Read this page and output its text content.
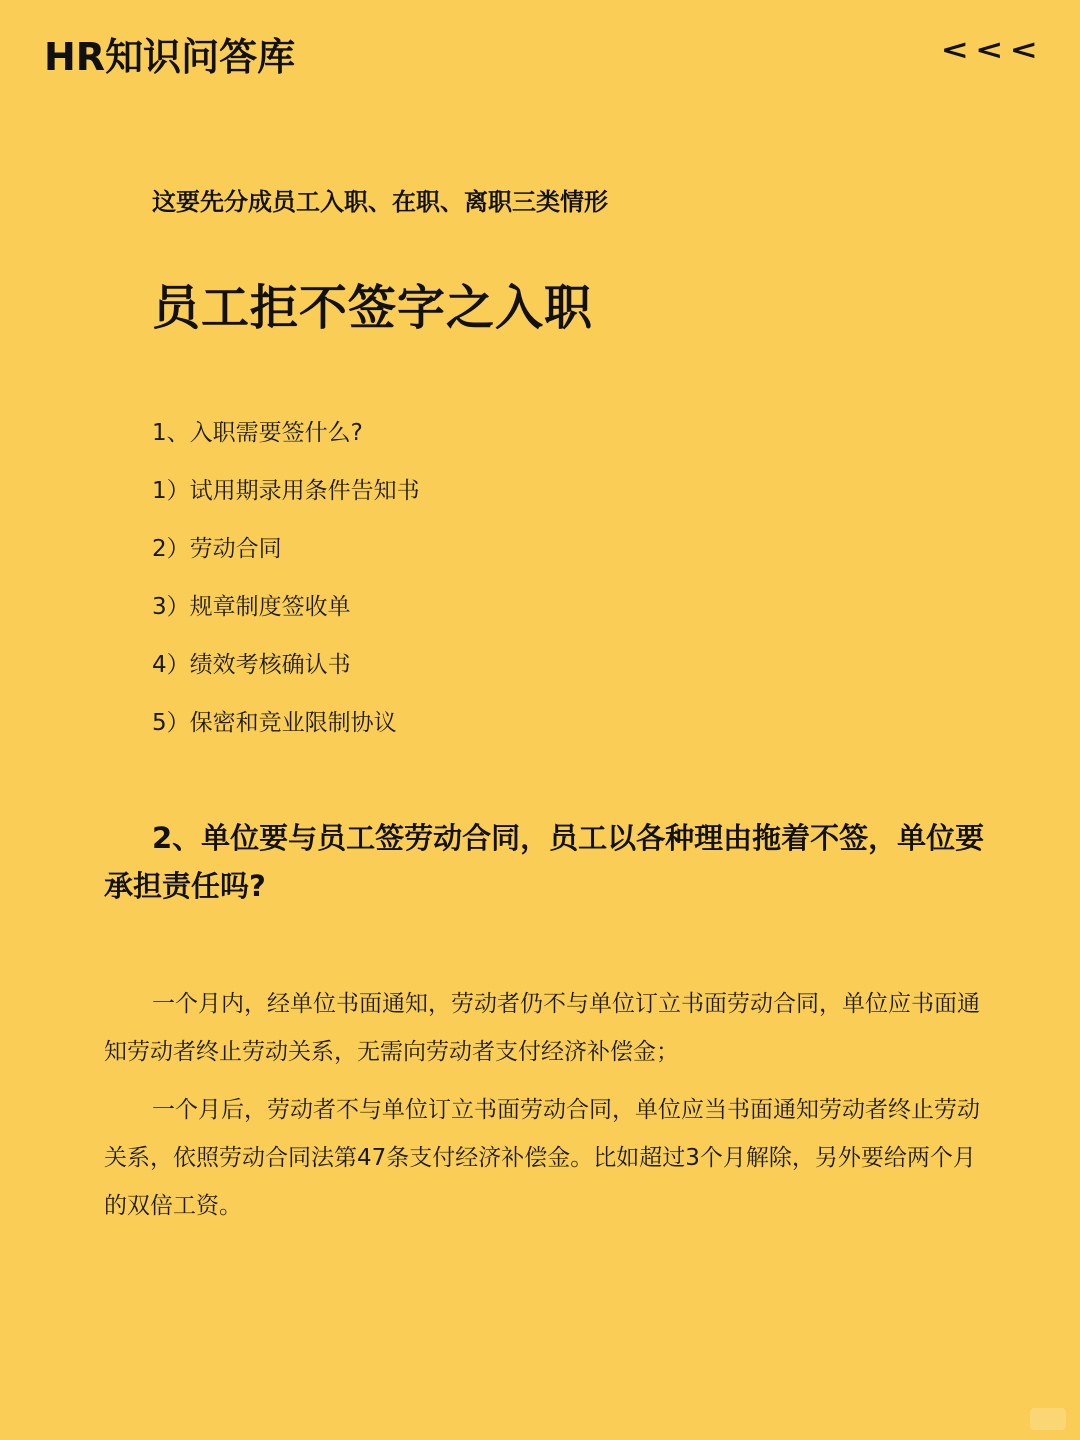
HR知识问答库	< < <
这要先分成员工入职、在职、离职三类情形
员工拒不签字之入职
1、入职需要签什么?
1）试用期录用条件告知书
2）劳动合同
3）规章制度签收单
4）绩效考核确认书
5）保密和竞业限制协议
2、单位要与员工签劳动合同，员工以各种理由拖着不签，单位要承担责任吗?
一个月内，经单位书面通知，劳动者仍不与单位订立书面劳动合同，单位应书面通知劳动者终止劳动关系，无需向劳动者支付经济补偿金；
一个月后，劳动者不与单位订立书面劳动合同，单位应当书面通知劳动者终止劳动关系，依照劳动合同法第47条支付经济补偿金。比如超过3个月解除，另外要给两个月的双倍工资。
